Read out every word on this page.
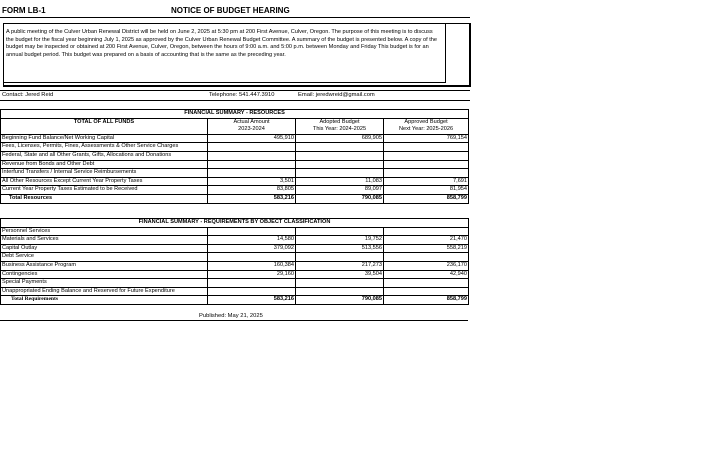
FORM LB-1	NOTICE OF BUDGET HEARING
A public meeting of the Culver Urban Renewal District will be held on June 2, 2025 at 5:30 pm at 200 First Avenue, Culver, Oregon. The purpose of this meeting is to discuss the budget for the fiscal year beginning July 1, 2025 as approved by the Culver Urban Renewal Budget Committee. A summary of the budget is presented below. A copy of the budget may be inspected or obtained at 200 First Avenue, Culver, Oregon, between the hours of 9:00 a.m. and 5:00 p.m. between Monday and Friday This budget is for an annual budget period. This budget was prepared on a basis of accounting that is the same as the preceding year.
Contact: Jered Reid	Telephone: 541.447.3910	Email: jeredwreid@gmail.com
FINANCIAL SUMMARY - RESOURCES			
TOTAL OF ALL FUNDS	Actual Amount	Adopted Budget	Approved Budget
	2023-2024	This Year: 2024-2025	Next Year: 2025-2026
Beginning Fund Balance/Net Working Capital	495,910	689,905	769,154
Fees, Licenses, Permits, Fines, Assessments & Other Service Charges			
Federal, State and all Other Grants, Gifts, Allocations and Donations			
Revenue from Bonds and Other Debt			
Interfund Transfers / Internal Service Reimbursements			
All Other Resources Except Current Year Property Taxes	3,501	11,083	7,691
Current Year Property Taxes Estimated to be Received	83,805	89,097	81,954
Total Resources	583,216	790,085	858,799
FINANCIAL SUMMARY - REQUIREMENTS BY OBJECT CLASSIFICATION			
Personnel Services			
Materials and Services	14,580	19,752	21,470
Capital Outlay	379,092	513,556	558,219
Debt Service			
Business Assistance Program	160,384	217,273	236,170
Contingencies	29,160	39,504	42,940
Special Payments			
Unappropriated Ending Balance and Reserved for Future Expenditure			
Total Requirements	583,216	790,085	858,799
Published: May 21, 2025
